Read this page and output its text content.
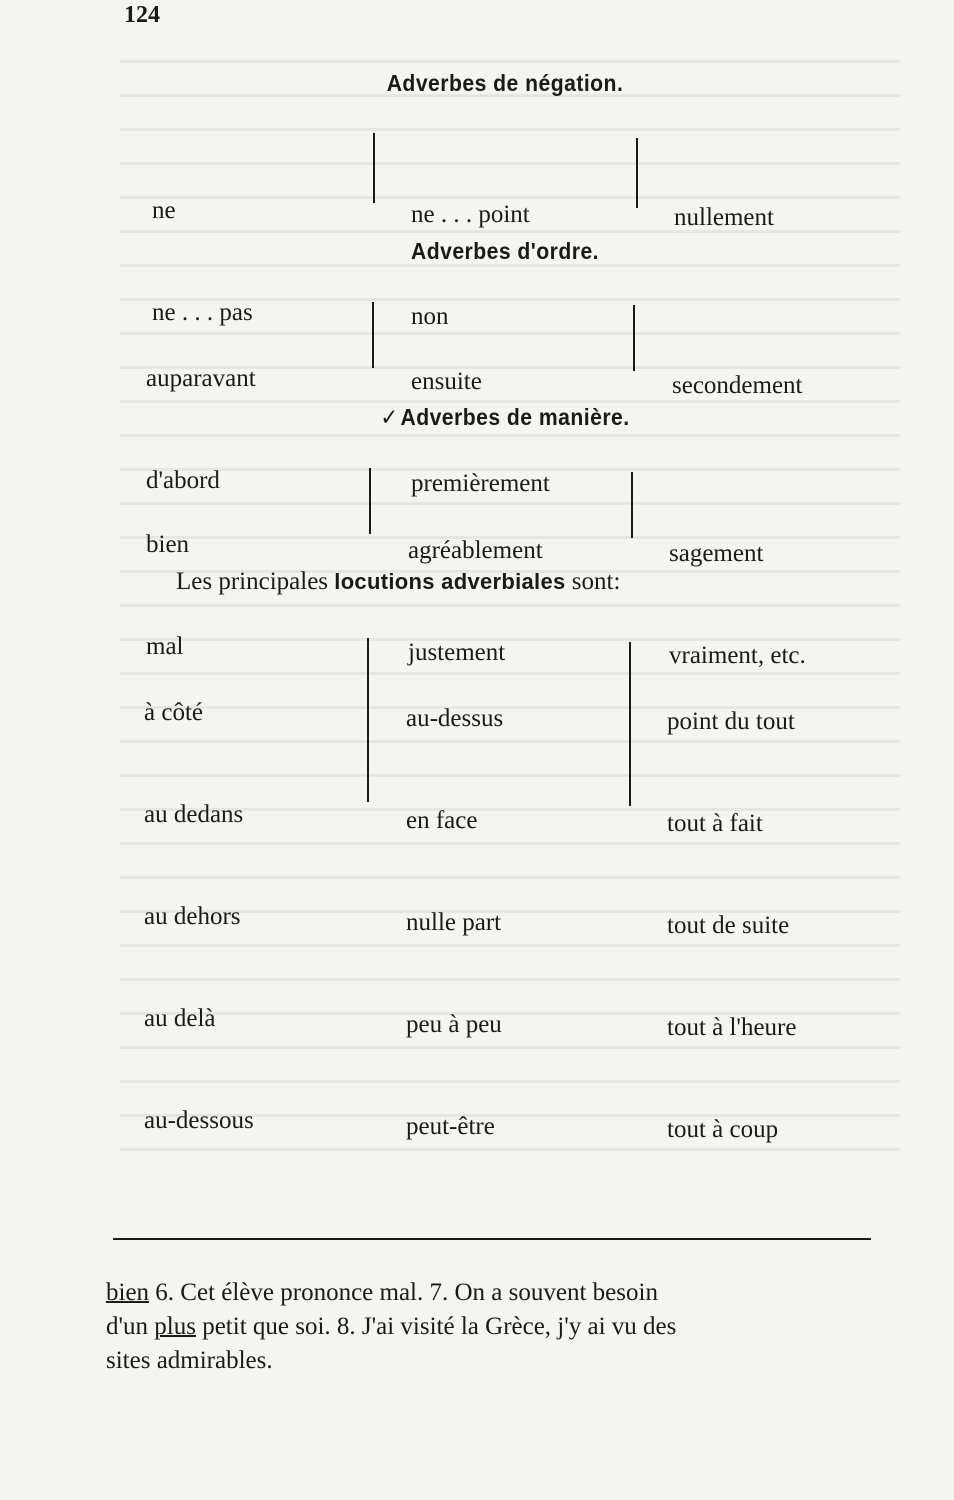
124
Adverbes de négation.

ne

ne . . . pas

ne . . . point

non

nullement

Adverbes d'ordre.

auparavant

d'abord

ensuite

premièrement

secondement

✓Adverbes de manière.

bien

mal

agréablement

justement

sagement

vraiment, etc.

Les principales locutions adverbiales sont:

à côté

au dedans

au dehors

au delà

au-dessous

au-dessus

en face

nulle part

peu à peu

peut-être

point du tout

tout à fait

tout de suite

tout à l'heure

tout à coup

bien 6. Cet élève prononce mal. 7. On a souvent besoin
d'un plus petit que soi. 8. J'ai visité la Grèce, j'y ai vu des
sites admirables.
